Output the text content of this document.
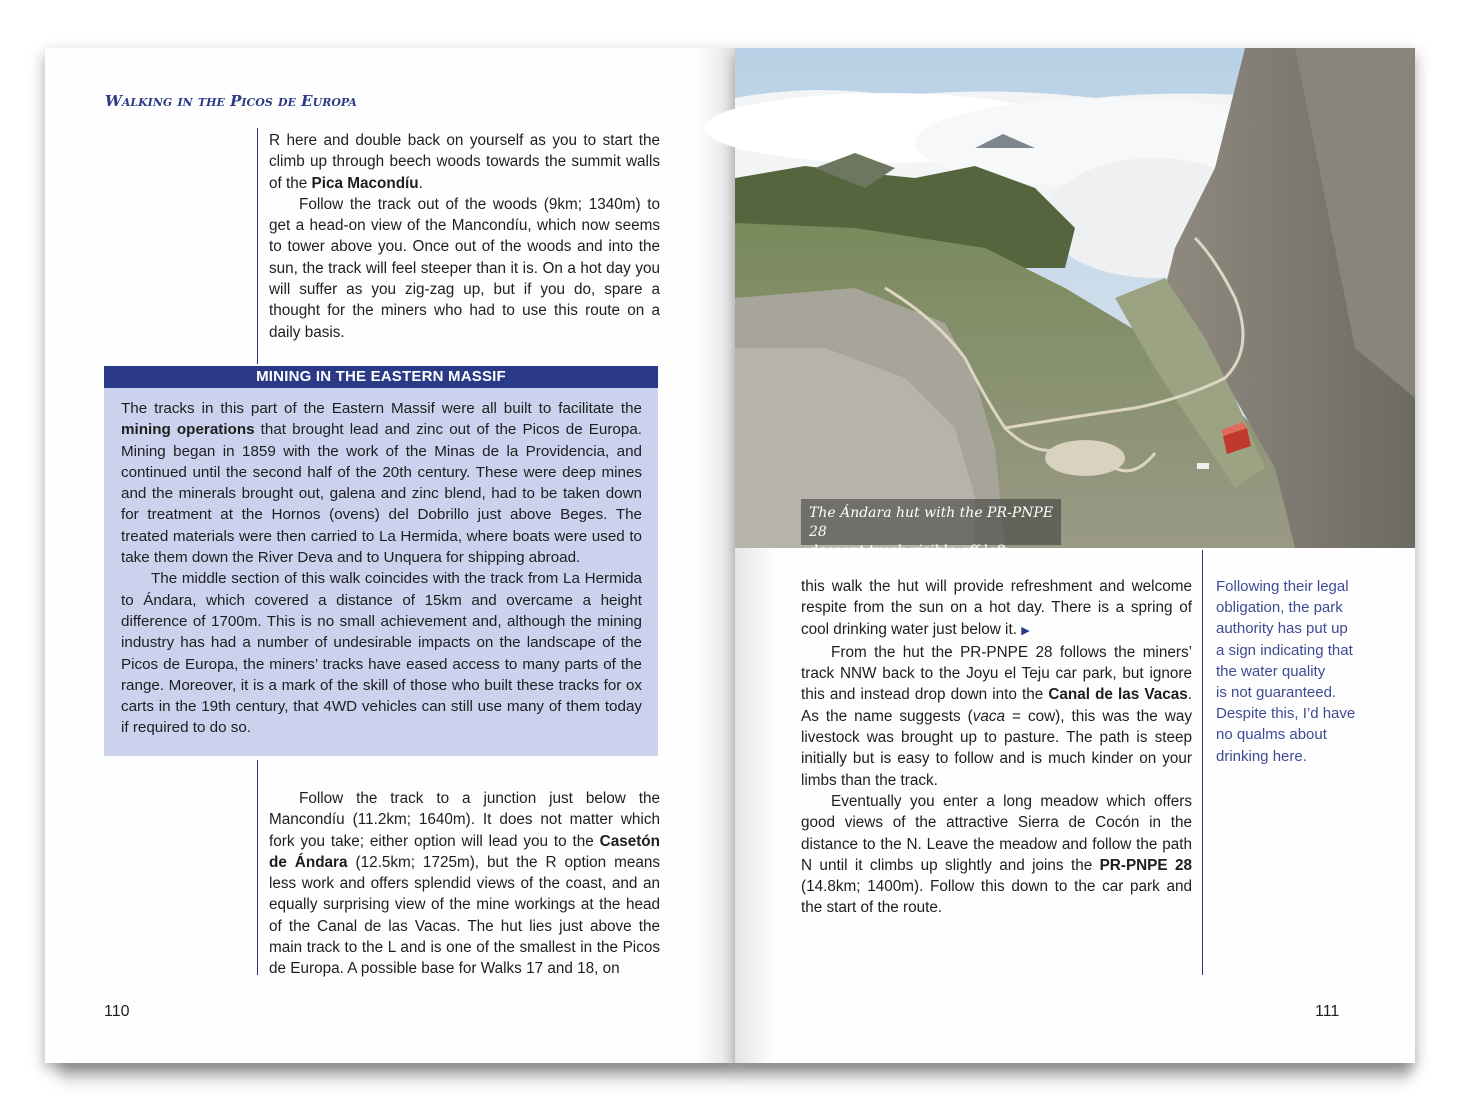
Walking in the Picos de Europa

R here and double back on yourself as you to start the climb up through beech woods towards the summit walls of the Pica Macondíu.

Follow the track out of the woods (9km; 1340m) to get a head-on view of the Mancondíu, which now seems to tower above you. Once out of the woods and into the sun, the track will feel steeper than it is. On a hot day you will suffer as you zig-zag up, but if you do, spare a thought for the miners who had to use this route on a daily basis.

MINING IN THE EASTERN MASSIF

The tracks in this part of the Eastern Massif were all built to facilitate the mining operations that brought lead and zinc out of the Picos de Europa. Mining began in 1859 with the work of the Minas de la Providencia, and continued until the second half of the 20th century. These were deep mines and the minerals brought out, galena and zinc blend, had to be taken down for treatment at the Hornos (ovens) del Dobrillo just above Beges. The treated materials were then carried to La Hermida, where boats were used to take them down the River Deva and to Unquera for shipping abroad.

The middle section of this walk coincides with the track from La Hermida to Ándara, which covered a distance of 15km and overcame a height difference of 1700m. This is no small achievement and, although the mining industry has had a number of undesirable impacts on the landscape of the Picos de Europa, the miners’ tracks have eased access to many parts of the range. Moreover, it is a mark of the skill of those who built these tracks for ox carts in the 19th century, that 4WD vehicles can still use many of them today if required to do so.

Follow the track to a junction just below the Mancondíu (11.2km; 1640m). It does not matter which fork you take; either option will lead you to the Casetón de Ándara (12.5km; 1725m), but the R option means less work and offers splendid views of the coast, and an equally surprising view of the mine workings at the head of the Canal de las Vacas. The hut lies just above the main track to the L and is one of the smallest in the Picos de Europa. A possible base for Walks 17 and 18, on

110

The Ándara hut with the PR-PNPE 28
descent track visible off left

this walk the hut will provide refreshment and welcome respite from the sun on a hot day. There is a spring of cool drinking water just below it. ▶

From the hut the PR-PNPE 28 follows the miners’ track NNW back to the Joyu el Teju car park, but ignore this and instead drop down into the Canal de las Vacas. As the name suggests (vaca = cow), this was the way livestock was brought up to pasture. The path is steep initially but is easy to follow and is much kinder on your limbs than the track.

Eventually you enter a long meadow which offers good views of the attractive Sierra de Cocón in the distance to the N. Leave the meadow and follow the path N until it climbs up slightly and joins the PR-PNPE 28 (14.8km; 1400m). Follow this down to the car park and the start of the route.

Following their legal
obligation, the park
authority has put up
a sign indicating that
the water quality
is not guaranteed.
Despite this, I’d have
no qualms about
drinking here.

111
